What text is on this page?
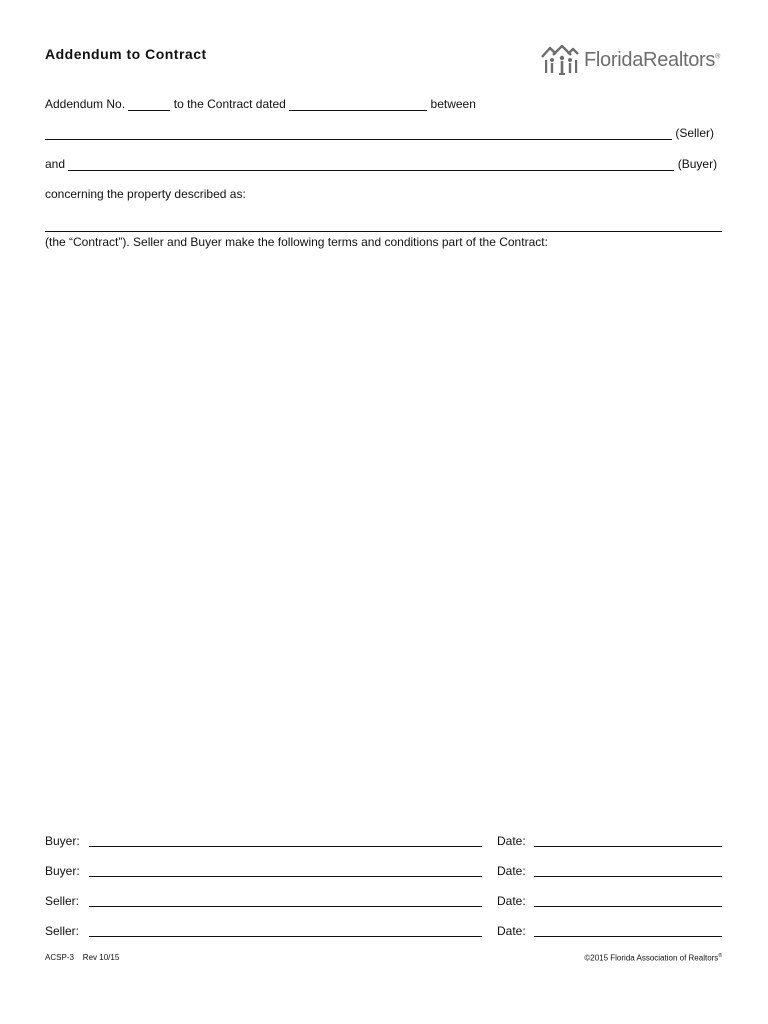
Addendum to Contract	FloridaRealtors®
Addendum No.	to the Contract dated	between
(Seller)
and	(Buyer)
concerning the property described as:
(the “Contract”). Seller and Buyer make the following terms and conditions part of the Contract:
Buyer:	Date:
Buyer:	Date:
Seller:	Date:
Seller:	Date:
ACSP-3 Rev 10/15	©2015 Florida Association of Realtors®
